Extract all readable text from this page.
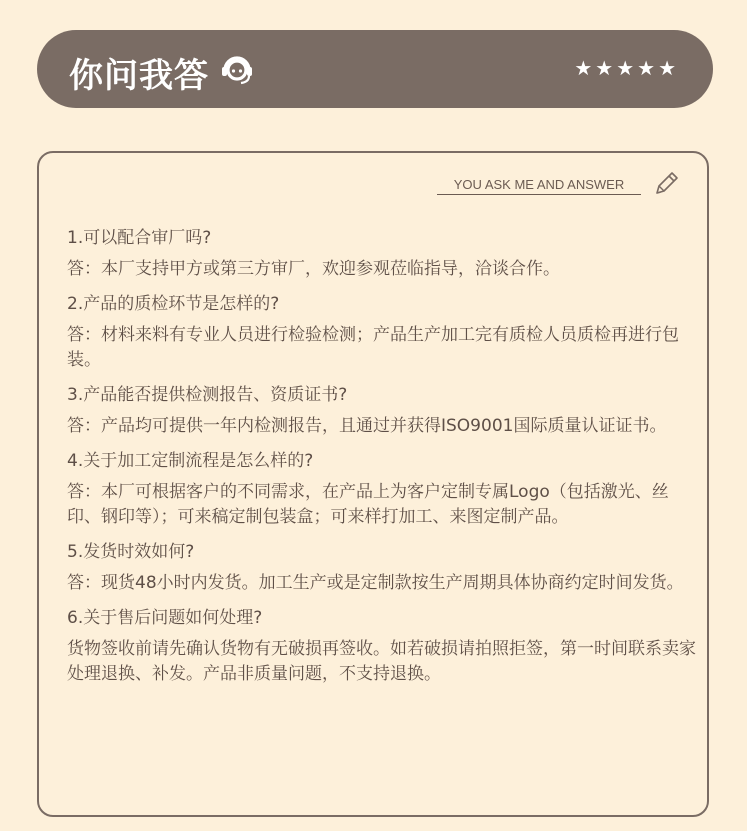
你问我答	★★★★★
YOU ASK ME AND ANSWER
1.可以配合审厂吗?
答：本厂支持甲方或第三方审厂，欢迎参观莅临指导，洽谈合作。
2.产品的质检环节是怎样的?
答：材料来料有专业人员进行检验检测；产品生产加工完有质检人员质检再进行包装。
3.产品能否提供检测报告、资质证书?
答：产品均可提供一年内检测报告，且通过并获得ISO9001国际质量认证证书。
4.关于加工定制流程是怎么样的?
答：本厂可根据客户的不同需求，在产品上为客户定制专属Logo（包括激光、丝印、钢印等）；可来稿定制包装盒；可来样打加工、来图定制产品。
5.发货时效如何?
答：现货48小时内发货。加工生产或是定制款按生产周期具体协商约定时间发货。
6.关于售后问题如何处理?
货物签收前请先确认货物有无破损再签收。如若破损请拍照拒签，第一时间联系卖家处理退换、补发。产品非质量问题，不支持退换。
